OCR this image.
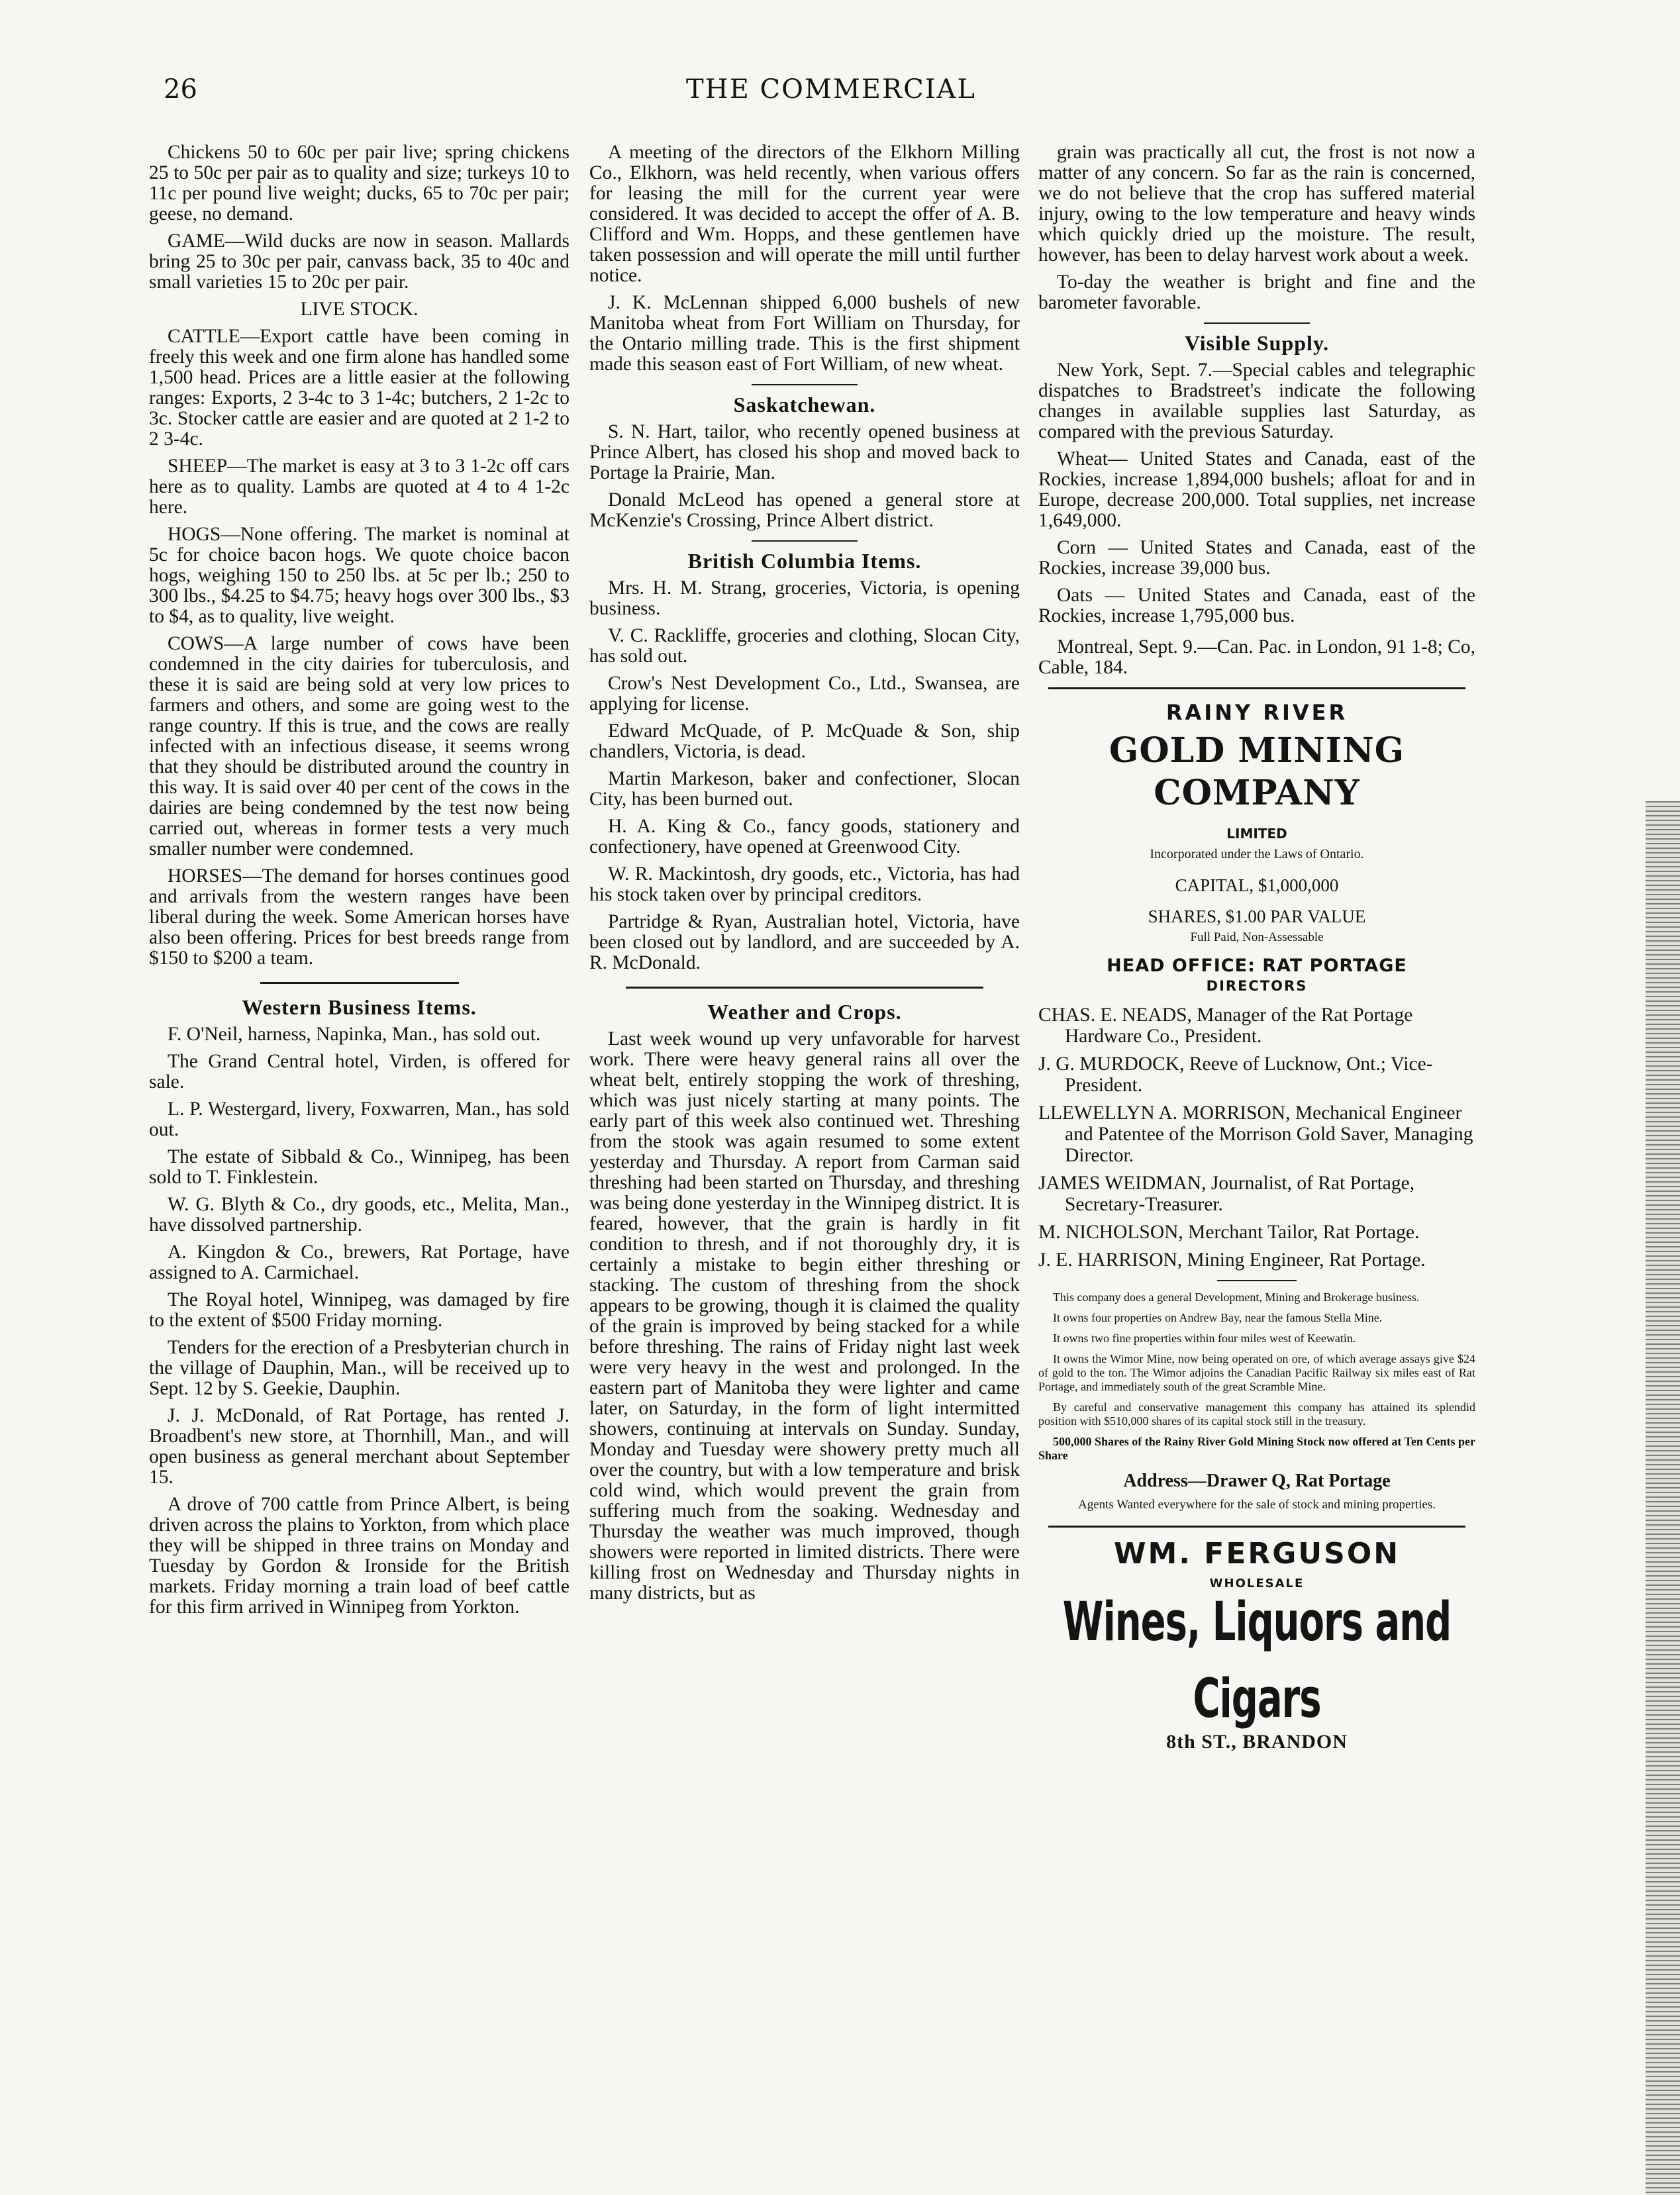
26	THE COMMERCIAL

Chickens 50 to 60c per pair live; spring chickens 25 to 50c per pair as to quality and size; turkeys 10 to 11c per pound live weight; ducks, 65 to 70c per pair; geese, no demand.

GAME—Wild ducks are now in season. Mallards bring 25 to 30c per pair, canvass back, 35 to 40c and small varieties 15 to 20c per pair.

LIVE STOCK.

CATTLE—Export cattle have been coming in freely this week and one firm alone has handled some 1,500 head. Prices are a little easier at the following ranges: Exports, 2 3-4c to 3 1-4c; butchers, 2 1-2c to 3c. Stocker cattle are easier and are quoted at 2 1-2 to 2 3-4c.

SHEEP—The market is easy at 3 to 3 1-2c off cars here as to quality. Lambs are quoted at 4 to 4 1-2c here.

HOGS—None offering. The market is nominal at 5c for choice bacon hogs. We quote choice bacon hogs, weighing 150 to 250 lbs. at 5c per lb.; 250 to 300 lbs., $4.25 to $4.75; heavy hogs over 300 lbs., $3 to $4, as to quality, live weight.

COWS—A large number of cows have been condemned in the city dairies for tuberculosis, and these it is said are being sold at very low prices to farmers and others, and some are going west to the range country. If this is true, and the cows are really infected with an infectious disease, it seems wrong that they should be distributed around the country in this way. It is said over 40 per cent of the cows in the dairies are being condemned by the test now being carried out, whereas in former tests a very much smaller number were condemned.

HORSES—The demand for horses continues good and arrivals from the western ranges have been liberal during the week. Some American horses have also been offering. Prices for best breeds range from $150 to $200 a team.

Western Business Items.

F. O'Neil, harness, Napinka, Man., has sold out.

The Grand Central hotel, Virden, is offered for sale.

L. P. Westergard, livery, Foxwarren, Man., has sold out.

The estate of Sibbald & Co., Winnipeg, has been sold to T. Finklestein.

W. G. Blyth & Co., dry goods, etc., Melita, Man., have dissolved partnership.

A. Kingdon & Co., brewers, Rat Portage, have assigned to A. Carmichael.

The Royal hotel, Winnipeg, was damaged by fire to the extent of $500 Friday morning.

Tenders for the erection of a Presbyterian church in the village of Dauphin, Man., will be received up to Sept. 12 by S. Geekie, Dauphin.

J. J. McDonald, of Rat Portage, has rented J. Broadbent's new store, at Thornhill, Man., and will open business as general merchant about September 15.

A drove of 700 cattle from Prince Albert, is being driven across the plains to Yorkton, from which place they will be shipped in three trains on Monday and Tuesday by Gordon & Ironside for the British markets. Friday morning a train load of beef cattle for this firm arrived in Winnipeg from Yorkton.

A meeting of the directors of the Elkhorn Milling Co., Elkhorn, was held recently, when various offers for leasing the mill for the current year were considered. It was decided to accept the offer of A. B. Clifford and Wm. Hopps, and these gentlemen have taken possession and will operate the mill until further notice.

J. K. McLennan shipped 6,000 bushels of new Manitoba wheat from Fort William on Thursday, for the Ontario milling trade. This is the first shipment made this season east of Fort William, of new wheat.

Saskatchewan.

S. N. Hart, tailor, who recently opened business at Prince Albert, has closed his shop and moved back to Portage la Prairie, Man.

Donald McLeod has opened a general store at McKenzie's Crossing, Prince Albert district.

British Columbia Items.

Mrs. H. M. Strang, groceries, Victoria, is opening business.

V. C. Rackliffe, groceries and clothing, Slocan City, has sold out.

Crow's Nest Development Co., Ltd., Swansea, are applying for license.

Edward McQuade, of P. McQuade & Son, ship chandlers, Victoria, is dead.

Martin Markeson, baker and confectioner, Slocan City, has been burned out.

H. A. King & Co., fancy goods, stationery and confectionery, have opened at Greenwood City.

W. R. Mackintosh, dry goods, etc., Victoria, has had his stock taken over by principal creditors.

Partridge & Ryan, Australian hotel, Victoria, have been closed out by landlord, and are succeeded by A. R. McDonald.

Weather and Crops.

Last week wound up very unfavorable for harvest work. There were heavy general rains all over the wheat belt, entirely stopping the work of threshing, which was just nicely starting at many points. The early part of this week also continued wet. Threshing from the stook was again resumed to some extent yesterday and Thursday. A report from Carman said threshing had been started on Thursday, and threshing was being done yesterday in the Winnipeg district. It is feared, however, that the grain is hardly in fit condition to thresh, and if not thoroughly dry, it is certainly a mistake to begin either threshing or stacking. The custom of threshing from the shock appears to be growing, though it is claimed the quality of the grain is improved by being stacked for a while before threshing. The rains of Friday night last week were very heavy in the west and prolonged. In the eastern part of Manitoba they were lighter and came later, on Saturday, in the form of light intermitted showers, continuing at intervals on Sunday. Sunday, Monday and Tuesday were showery pretty much all over the country, but with a low temperature and brisk cold wind, which would prevent the grain from suffering much from the soaking. Wednesday and Thursday the weather was much improved, though showers were reported in limited districts. There were killing frost on Wednesday and Thursday nights in many districts, but as

grain was practically all cut, the frost is not now a matter of any concern. So far as the rain is concerned, we do not believe that the crop has suffered material injury, owing to the low temperature and heavy winds which quickly dried up the moisture. The result, however, has been to delay harvest work about a week.

To-day the weather is bright and fine and the barometer favorable.

Visible Supply.

New York, Sept. 7.—Special cables and telegraphic dispatches to Bradstreet's indicate the following changes in available supplies last Saturday, as compared with the previous Saturday.

Wheat— United States and Canada, east of the Rockies, increase 1,894,000 bushels; afloat for and in Europe, decrease 200,000. Total supplies, net increase 1,649,000.

Corn — United States and Canada, east of the Rockies, increase 39,000 bus.

Oats — United States and Canada, east of the Rockies, increase 1,795,000 bus.

Montreal, Sept. 9.—Can. Pac. in London, 91 1-8; Co, Cable, 184.

RAINY RIVER
GOLD MINING COMPANY
LIMITED
Incorporated under the Laws of Ontario.
CAPITAL, $1,000,000
SHARES, $1.00 PAR VALUE
Full Paid, Non-Assessable
HEAD OFFICE: RAT PORTAGE
DIRECTORS

CHAS. E. NEADS, Manager of the Rat Portage Hardware Co., President.

J. G. MURDOCK, Reeve of Lucknow, Ont.; Vice-President.

LLEWELLYN A. MORRISON, Mechanical Engineer and Patentee of the Morrison Gold Saver, Managing Director.

JAMES WEIDMAN, Journalist, of Rat Portage, Secretary-Treasurer.

M. NICHOLSON, Merchant Tailor, Rat Portage.

J. E. HARRISON, Mining Engineer, Rat Portage.

This company does a general Development, Mining and Brokerage business.

It owns four properties on Andrew Bay, near the famous Stella Mine.

It owns two fine properties within four miles west of Keewatin.

It owns the Wimor Mine, now being operated on ore, of which average assays give $24 of gold to the ton. The Wimor adjoins the Canadian Pacific Railway six miles east of Rat Portage, and immediately south of the great Scramble Mine.

By careful and conservative management this company has attained its splendid position with $510,000 shares of its capital stock still in the treasury.

500,000 Shares of the Rainy River Gold Mining Stock now offered at Ten Cents per Share

Address—Drawer Q, Rat Portage
Agents Wanted everywhere for the sale of stock and mining properties.
WM. FERGUSON
WHOLESALE
Wines, Liquors and Cigars
8th ST., BRANDON
